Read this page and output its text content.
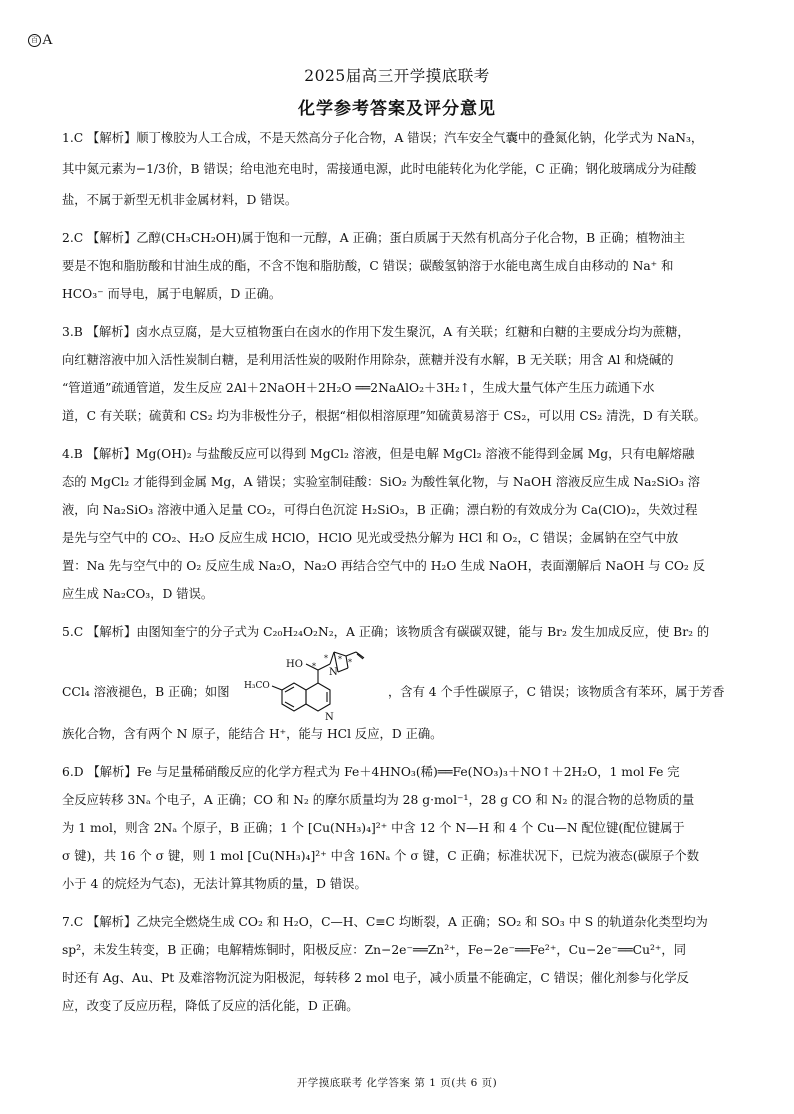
百 A
2025届高三开学摸底联考
化学参考答案及评分意见
1.C 【解析】顺丁橡胶为人工合成，不是天然高分子化合物，A 错误；汽车安全气囊中的叠氮化钠，化学式为 NaN₃，
其中氮元素为−1/3价，B 错误；给电池充电时，需接通电源，此时电能转化为化学能，C 正确；钢化玻璃成分为硅酸
盐，不属于新型无机非金属材料，D 错误。
2.C 【解析】乙醇(CH₃CH₂OH)属于饱和一元醇，A 正确；蛋白质属于天然有机高分子化合物，B 正确；植物油主
要是不饱和脂肪酸和甘油生成的酯，不含不饱和脂肪酸，C 错误；碳酸氢钠溶于水能电离生成自由移动的 Na⁺ 和
HCO₃⁻ 而导电，属于电解质，D 正确。
3.B 【解析】卤水点豆腐，是大豆植物蛋白在卤水的作用下发生聚沉，A 有关联；红糖和白糖的主要成分均为蔗糖，
向红糖溶液中加入活性炭制白糖，是利用活性炭的吸附作用除杂，蔗糖并没有水解，B 无关联；用含 Al 和烧碱的
“管道通”疏通管道，发生反应 2Al＋2NaOH＋2H₂O ══2NaAlO₂＋3H₂↑，生成大量气体产生压力疏通下水
道，C 有关联；硫黄和 CS₂ 均为非极性分子，根据“相似相溶原理”知硫黄易溶于 CS₂，可以用 CS₂ 清洗，D 有关联。
4.B 【解析】Mg(OH)₂ 与盐酸反应可以得到 MgCl₂ 溶液，但是电解 MgCl₂ 溶液不能得到金属 Mg，只有电解熔融
态的 MgCl₂ 才能得到金属 Mg，A 错误；实验室制硅酸：SiO₂ 为酸性氧化物，与 NaOH 溶液反应生成 Na₂SiO₃ 溶
液，向 Na₂SiO₃ 溶液中通入足量 CO₂，可得白色沉淀 H₂SiO₃，B 正确；漂白粉的有效成分为 Ca(ClO)₂，失效过程
是先与空气中的 CO₂、H₂O 反应生成 HClO，HClO 见光或受热分解为 HCl 和 O₂，C 错误；金属钠在空气中放
置：Na 先与空气中的 O₂ 反应生成 Na₂O，Na₂O 再结合空气中的 H₂O 生成 NaOH，表面潮解后 NaOH 与 CO₂ 反
应生成 Na₂CO₃，D 错误。
5.C 【解析】由图知奎宁的分子式为 C₂₀H₂₄O₂N₂，A 正确；该物质含有碳碳双键，能与 Br₂ 发生加成反应，使 Br₂ 的
CCl₄ 溶液褪色，B 正确；如图
HO
H₃CO
N
N
*
* * *
，含有 4 个手性碳原子，C 错误；该物质含有苯环，属于芳香
族化合物，含有两个 N 原子，能结合 H⁺，能与 HCl 反应，D 正确。
6.D 【解析】Fe 与足量稀硝酸反应的化学方程式为 Fe＋4HNO₃(稀)══Fe(NO₃)₃＋NO↑＋2H₂O，1 mol Fe 完
全反应转移 3Nₐ 个电子，A 正确；CO 和 N₂ 的摩尔质量均为 28 g·mol⁻¹，28 g CO 和 N₂ 的混合物的总物质的量
为 1 mol，则含 2Nₐ 个原子，B 正确；1 个 [Cu(NH₃)₄]²⁺ 中含 12 个 N—H 和 4 个 Cu—N 配位键(配位键属于
σ 键)，共 16 个 σ 键，则 1 mol [Cu(NH₃)₄]²⁺ 中含 16Nₐ 个 σ 键，C 正确；标准状况下，已烷为液态(碳原子个数
小于 4 的烷烃为气态)，无法计算其物质的量，D 错误。
7.C 【解析】乙炔完全燃烧生成 CO₂ 和 H₂O，C—H、C≡C 均断裂，A 正确；SO₂ 和 SO₃ 中 S 的轨道杂化类型均为
sp²，未发生转变，B 正确；电解精炼铜时，阳极反应：Zn−2e⁻══Zn²⁺，Fe−2e⁻══Fe²⁺，Cu−2e⁻══Cu²⁺，同
时还有 Ag、Au、Pt 及难溶物沉淀为阳极泥，每转移 2 mol 电子，减小质量不能确定，C 错误；催化剂参与化学反
应，改变了反应历程，降低了反应的活化能，D 正确。
开学摸底联考 化学答案 第 1 页(共 6 页)
